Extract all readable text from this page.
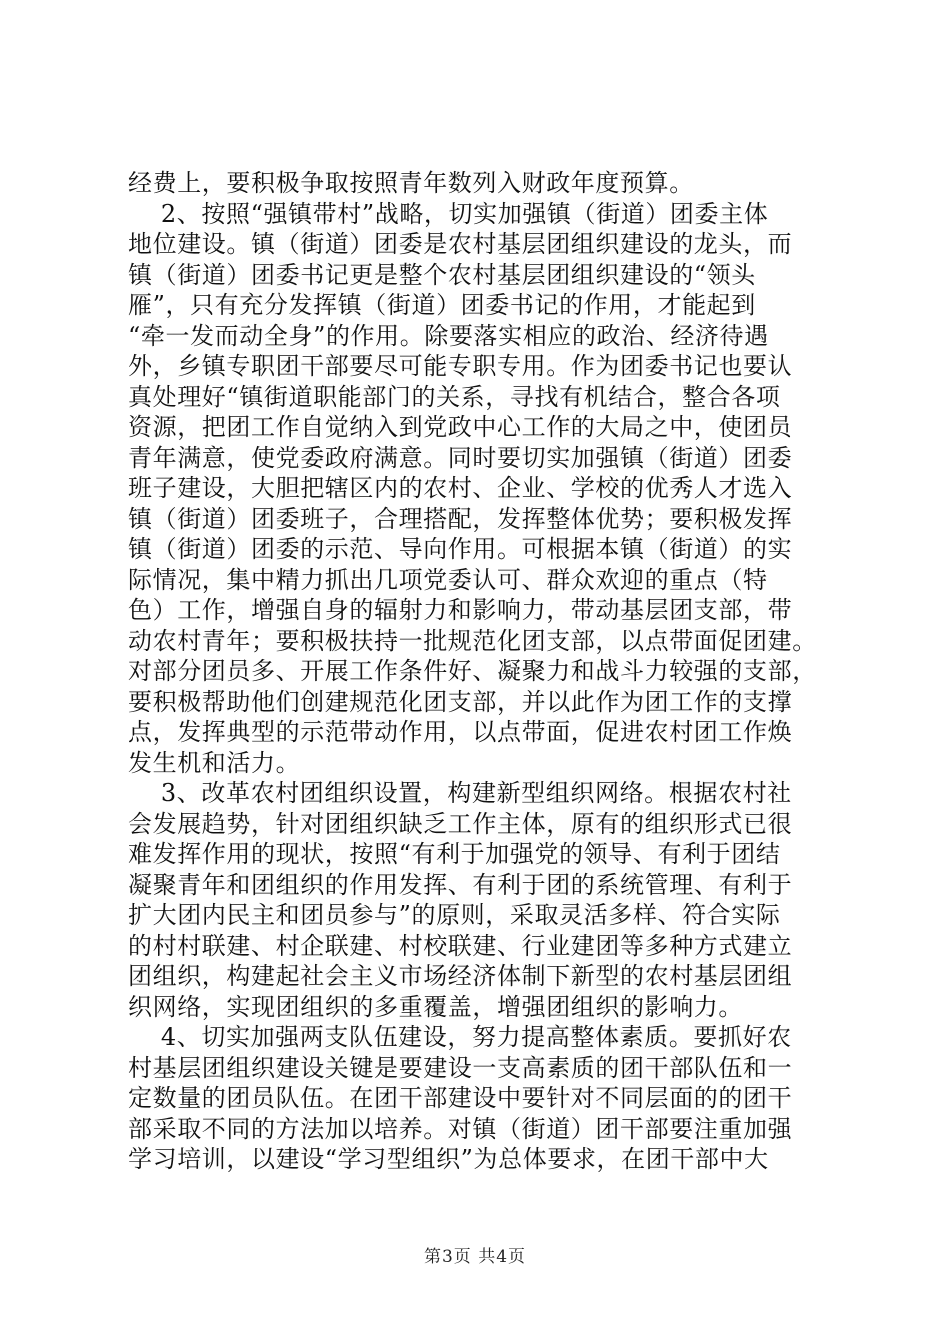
经费上，要积极争取按照青年数列入财政年度预算。
2、按照“强镇带村”战略，切实加强镇（街道）团委主体
地位建设。镇（街道）团委是农村基层团组织建设的龙头，而
镇（街道）团委书记更是整个农村基层团组织建设的“领头
雁”，只有充分发挥镇（街道）团委书记的作用，才能起到
“牵一发而动全身”的作用。除要落实相应的政治、经济待遇
外，乡镇专职团干部要尽可能专职专用。作为团委书记也要认
真处理好“镇街道职能部门的关系，寻找有机结合，整合各项
资源，把团工作自觉纳入到党政中心工作的大局之中，使团员
青年满意，使党委政府满意。同时要切实加强镇（街道）团委
班子建设，大胆把辖区内的农村、企业、学校的优秀人才选入
镇（街道）团委班子，合理搭配，发挥整体优势；要积极发挥
镇（街道）团委的示范、导向作用。可根据本镇（街道）的实
际情况，集中精力抓出几项党委认可、群众欢迎的重点（特
色）工作，增强自身的辐射力和影响力，带动基层团支部，带
动农村青年；要积极扶持一批规范化团支部，以点带面促团建。
对部分团员多、开展工作条件好、凝聚力和战斗力较强的支部，
要积极帮助他们创建规范化团支部，并以此作为团工作的支撑
点，发挥典型的示范带动作用，以点带面，促进农村团工作焕
发生机和活力。
3、改革农村团组织设置，构建新型组织网络。根据农村社
会发展趋势，针对团组织缺乏工作主体，原有的组织形式已很
难发挥作用的现状，按照“有利于加强党的领导、有利于团结
凝聚青年和团组织的作用发挥、有利于团的系统管理、有利于
扩大团内民主和团员参与”的原则，采取灵活多样、符合实际
的村村联建、村企联建、村校联建、行业建团等多种方式建立
团组织，构建起社会主义市场经济体制下新型的农村基层团组
织网络，实现团组织的多重覆盖，增强团组织的影响力。
4、切实加强两支队伍建设，努力提高整体素质。要抓好农
村基层团组织建设关键是要建设一支高素质的团干部队伍和一
定数量的团员队伍。在团干部建设中要针对不同层面的的团干
部采取不同的方法加以培养。对镇（街道）团干部要注重加强
学习培训，以建设“学习型组织”为总体要求，在团干部中大
第3页 共4页
